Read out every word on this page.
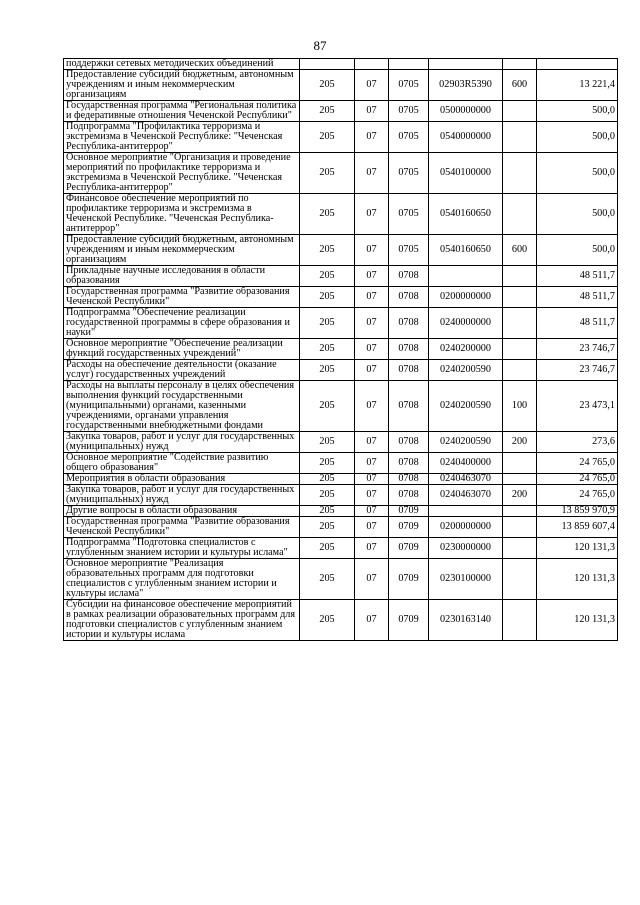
87
поддержки сетевых методических объединений						
Предоставление субсидий бюджетным, автономным учреждениям и иным некоммерческим организациям	205	07	0705	02903R5390	600	13 221,4
Государственная программа "Региональная политика и федеративные отношения Чеченской Республики"	205	07	0705	0500000000		500,0
Подпрограмма "Профилактика терроризма и экстремизма в Чеченской Республике: "Чеченская Республика-антитеррор"	205	07	0705	0540000000		500,0
Основное мероприятие "Организация и проведение мероприятий по профилактике терроризма и экстремизма в Чеченской Республике. "Чеченская Республика-антитеррор"	205	07	0705	0540100000		500,0
Финансовое обеспечение мероприятий по профилактике терроризма и экстремизма в Чеченской Республике. "Чеченская Республика-антитеррор"	205	07	0705	0540160650		500,0
Предоставление субсидий бюджетным, автономным учреждениям и иным некоммерческим организациям	205	07	0705	0540160650	600	500,0
Прикладные научные исследования в области образования	205	07	0708			48 511,7
Государственная программа "Развитие образования Чеченской Республики"	205	07	0708	0200000000		48 511,7
Подпрограмма "Обеспечение реализации государственной программы в сфере образования и науки"	205	07	0708	0240000000		48 511,7
Основное мероприятие "Обеспечение реализации функций государственных учреждений"	205	07	0708	0240200000		23 746,7
Расходы на обеспечение деятельности (оказание услуг) государственных учреждений	205	07	0708	0240200590		23 746,7
Расходы на выплаты персоналу в целях обеспечения выполнения функций государственными (муниципальными) органами, казенными учреждениями, органами управления государственными внебюджетными фондами	205	07	0708	0240200590	100	23 473,1
Закупка товаров, работ и услуг для государственных (муниципальных) нужд	205	07	0708	0240200590	200	273,6
Основное мероприятие "Содействие развитию общего образования"	205	07	0708	0240400000		24 765,0
Мероприятия в области образования	205	07	0708	0240463070		24 765,0
Закупка товаров, работ и услуг для государственных (муниципальных) нужд	205	07	0708	0240463070	200	24 765,0
Другие вопросы в области образования	205	07	0709			13 859 970,9
Государственная программа "Развитие образования Чеченской Республики"	205	07	0709	0200000000		13 859 607,4
Подпрограмма "Подготовка специалистов с углубленным знанием истории и культуры ислама"	205	07	0709	0230000000		120 131,3
Основное мероприятие "Реализация образовательных программ для подготовки специалистов с углубленным знанием истории и культуры ислама"	205	07	0709	0230100000		120 131,3
Субсидии на финансовое обеспечение мероприятий в рамках реализации образовательных программ для подготовки специалистов с углубленным знанием истории и культуры ислама	205	07	0709	0230163140		120 131,3
